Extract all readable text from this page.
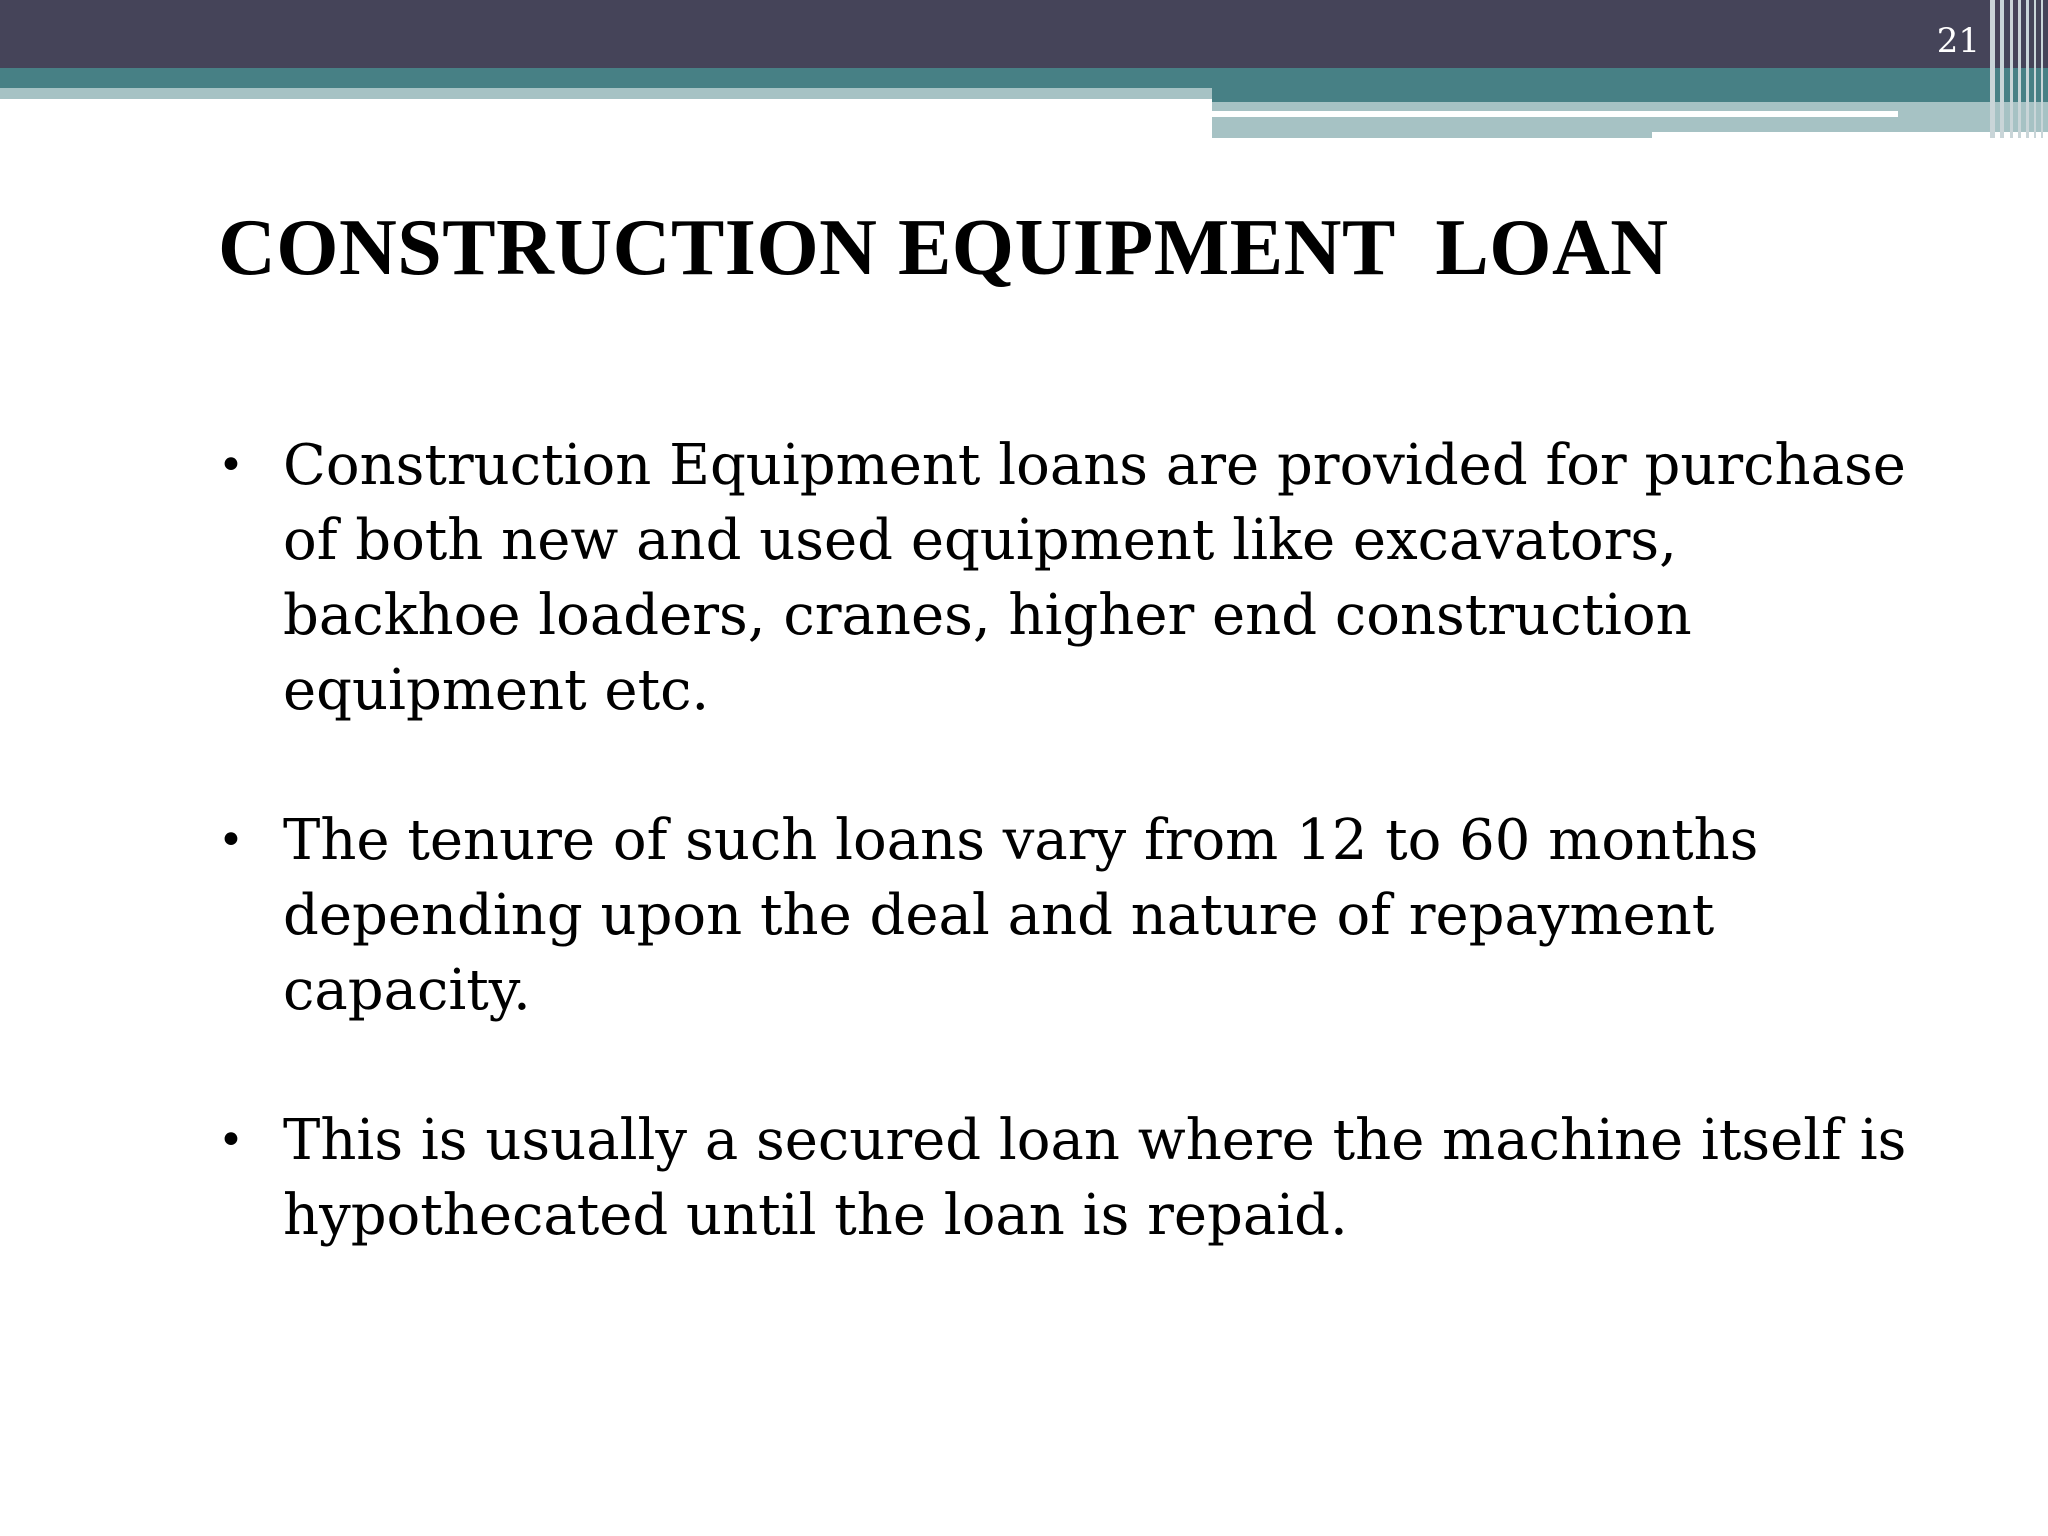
21

CONSTRUCTION EQUIPMENT  LOAN
• Construction Equipment loans are provided for purchase of both new and used equipment like excavators, backhoe loaders, cranes, higher end construction equipment etc.
• The tenure of such loans vary from 12 to 60 months depending upon the deal and nature of repayment capacity.
• This is usually a secured loan where the machine itself is hypothecated until the loan is repaid.
